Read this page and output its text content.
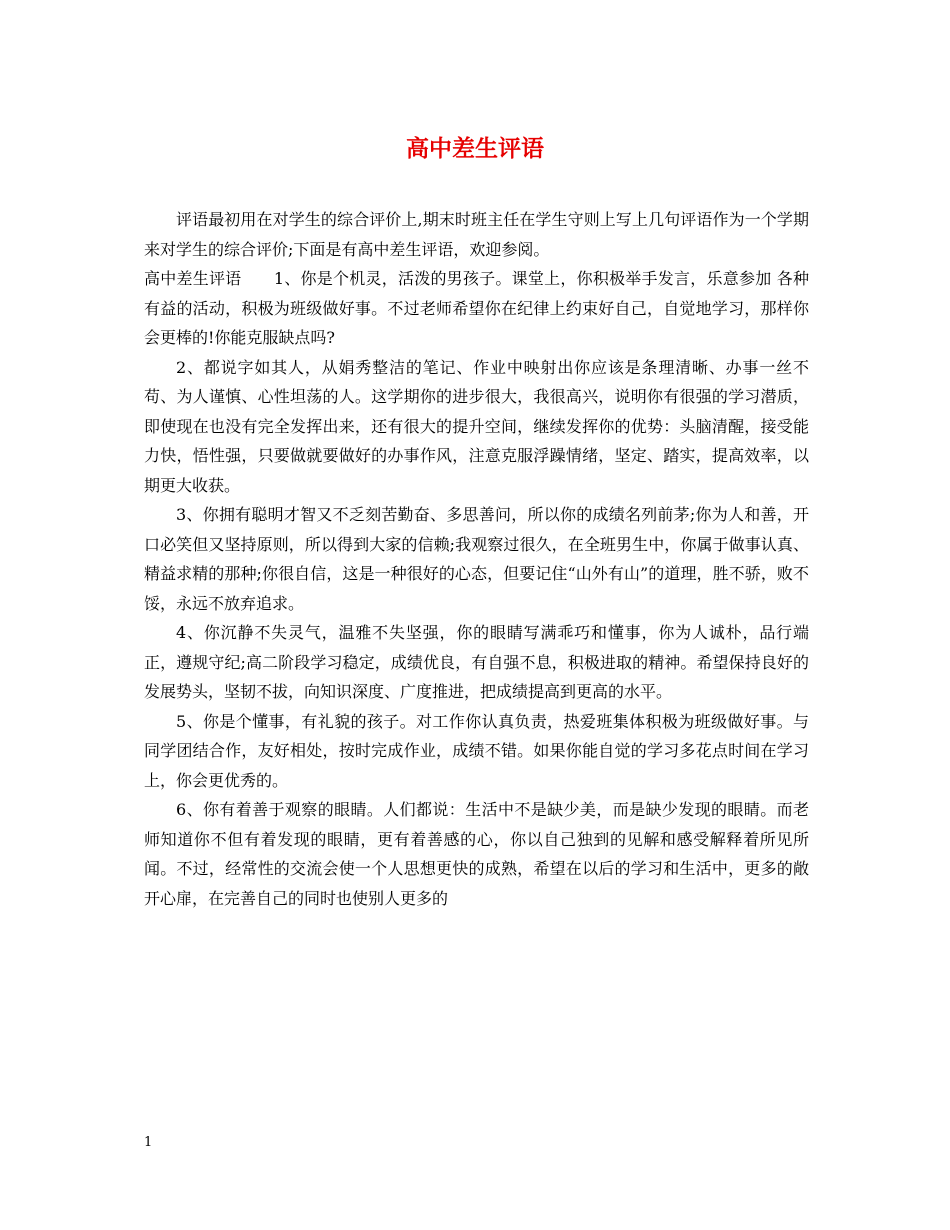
高中差生评语

评语最初用在对学生的综合评价上,期末时班主任在学生守则上写上几句评语作为一个学期来对学生的综合评价;下面是有高中差生评语，欢迎参阅。

高中差生评语　　1、你是个机灵，活泼的男孩子。课堂上，你积极举手发言，乐意参加 各种有益的活动，积极为班级做好事。不过老师希望你在纪律上约束好自己，自觉地学习，那样你会更棒的!你能克服缺点吗?

2、都说字如其人，从娟秀整洁的笔记、作业中映射出你应该是条理清晰、办事一丝不苟、为人谨慎、心性坦荡的人。这学期你的进步很大，我很高兴，说明你有很强的学习潜质，即使现在也没有完全发挥出来，还有很大的提升空间，继续发挥你的优势：头脑清醒，接受能力快，悟性强，只要做就要做好的办事作风，注意克服浮躁情绪，坚定、踏实，提高效率，以期更大收获。

3、你拥有聪明才智又不乏刻苦勤奋、多思善问，所以你的成绩名列前茅;你为人和善，开口必笑但又坚持原则，所以得到大家的信赖;我观察过很久，在全班男生中，你属于做事认真、精益求精的那种;你很自信，这是一种很好的心态，但要记住“山外有山”的道理，胜不骄，败不馁，永远不放弃追求。

4、你沉静不失灵气，温雅不失坚强，你的眼睛写满乖巧和懂事，你为人诚朴，品行端正，遵规守纪;高二阶段学习稳定，成绩优良，有自强不息，积极进取的精神。希望保持良好的发展势头，坚韧不拔，向知识深度、广度推进，把成绩提高到更高的水平。

5、你是个懂事，有礼貌的孩子。对工作你认真负责，热爱班集体积极为班级做好事。与同学团结合作，友好相处，按时完成作业，成绩不错。如果你能自觉的学习多花点时间在学习上，你会更优秀的。

6、你有着善于观察的眼睛。人们都说：生活中不是缺少美，而是缺少发现的眼睛。而老师知道你不但有着发现的眼睛，更有着善感的心，你以自己独到的见解和感受解释着所见所闻。不过，经常性的交流会使一个人思想更快的成熟，希望在以后的学习和生活中，更多的敞开心扉，在完善自己的同时也使别人更多的

1
